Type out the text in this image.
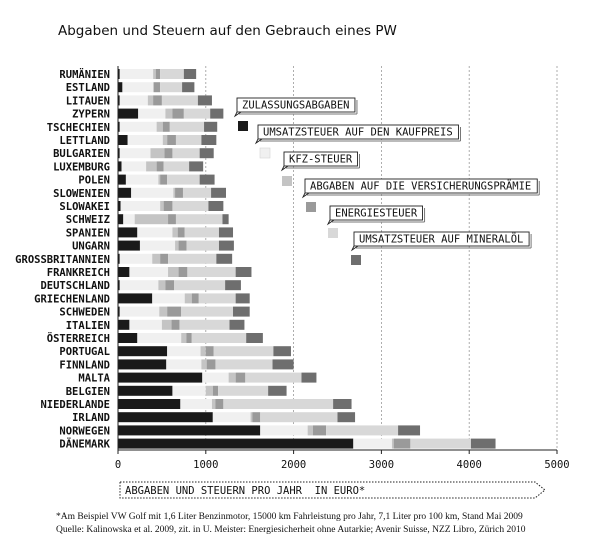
Abgaben und Steuern auf den Gebrauch eines PW
RUMÄNIEN
ESTLAND
LITAUEN
ZYPERN
TSCHECHIEN
LETTLAND
BULGARIEN
LUXEMBURG
POLEN
SLOWENIEN
SLOWAKEI
SCHWEIZ
SPANIEN
UNGARN
GROSSBRITANNIEN
FRANKREICH
DEUTSCHLAND
GRIECHENLAND
SCHWEDEN
ITALIEN
ÖSTERREICH
PORTUGAL
FINNLAND
MALTA
BELGIEN
NIEDERLANDE
IRLAND
NORWEGEN
DÄNEMARK
0	1000	2000	3000	4000	5000
ZULASSUNGSABGABEN
UMSATZSTEUER AUF DEN KAUFPREIS
KFZ-STEUER
ABGABEN AUF DIE VERSICHERUNGSPRÄMIE
ENERGIESTEUER
UMSATZSTEUER AUF MINERALÖL
ABGABEN UND STEUERN PRO JAHR  IN EURO*
*Am Beispiel VW Golf mit 1,6 Liter Benzinmotor, 15000 km Fahrleistung pro Jahr, 7,1 Liter pro 100 km, Stand Mai 2009
Quelle: Kalinowska et al. 2009, zit. in U. Meister: Energiesicherheit ohne Autarkie; Avenir Suisse, NZZ Libro, Zürich 2010
